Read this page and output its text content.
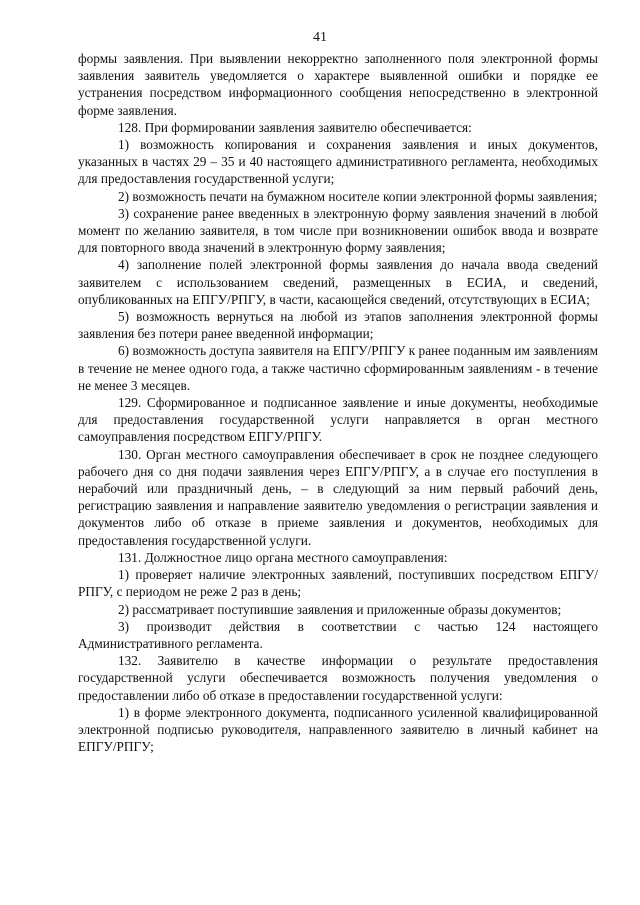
41

формы заявления. При выявлении некорректно заполненного поля электронной формы заявления заявитель уведомляется о характере выявленной ошибки и порядке ее устранения посредством информационного сообщения непосредственно в электронной форме заявления.

128. При формировании заявления заявителю обеспечивается:

1) возможность копирования и сохранения заявления и иных документов, указанных в частях 29 – 35 и 40 настоящего административного регламента, необходимых для предоставления государственной услуги;

2) возможность печати на бумажном носителе копии электронной формы заявления;

3) сохранение ранее введенных в электронную форму заявления значений в любой момент по желанию заявителя, в том числе при возникновении ошибок ввода и возврате для повторного ввода значений в электронную форму заявления;

4) заполнение полей электронной формы заявления до начала ввода сведений заявителем с использованием сведений, размещенных в ЕСИА, и сведений, опубликованных на ЕПГУ/РПГУ, в части, касающейся сведений, отсутствующих в ЕСИА;

5) возможность вернуться на любой из этапов заполнения электронной формы заявления без потери ранее введенной информации;

6) возможность доступа заявителя на ЕПГУ/РПГУ к ранее поданным им заявлениям в течение не менее одного года, а также частично сформированным заявлениям - в течение не менее 3 месяцев.

129. Сформированное и подписанное заявление и иные документы, необходимые для предоставления государственной услуги направляется в орган местного самоуправления посредством ЕПГУ/РПГУ.

130. Орган местного самоуправления обеспечивает в срок не позднее следующего рабочего дня со дня подачи заявления через ЕПГУ/РПГУ, а в случае его поступления в нерабочий или праздничный день, – в следующий за ним первый рабочий день, регистрацию заявления и направление заявителю уведомления о регистрации заявления и документов либо об отказе в приеме заявления и документов, необходимых для предоставления государственной услуги.

131. Должностное лицо органа местного самоуправления:

1) проверяет наличие электронных заявлений, поступивших посредством ЕПГУ/РПГУ, с периодом не реже 2 раз в день;

2) рассматривает поступившие заявления и приложенные образы документов;

3) производит действия в соответствии с частью 124 настоящего Административного регламента.

132. Заявителю в качестве информации о результате предоставления государственной услуги обеспечивается возможность получения уведомления о предоставлении либо об отказе в предоставлении государственной услуги:

1) в форме электронного документа, подписанного усиленной квалифицированной электронной подписью руководителя, направленного заявителю в личный кабинет на ЕПГУ/РПГУ;
